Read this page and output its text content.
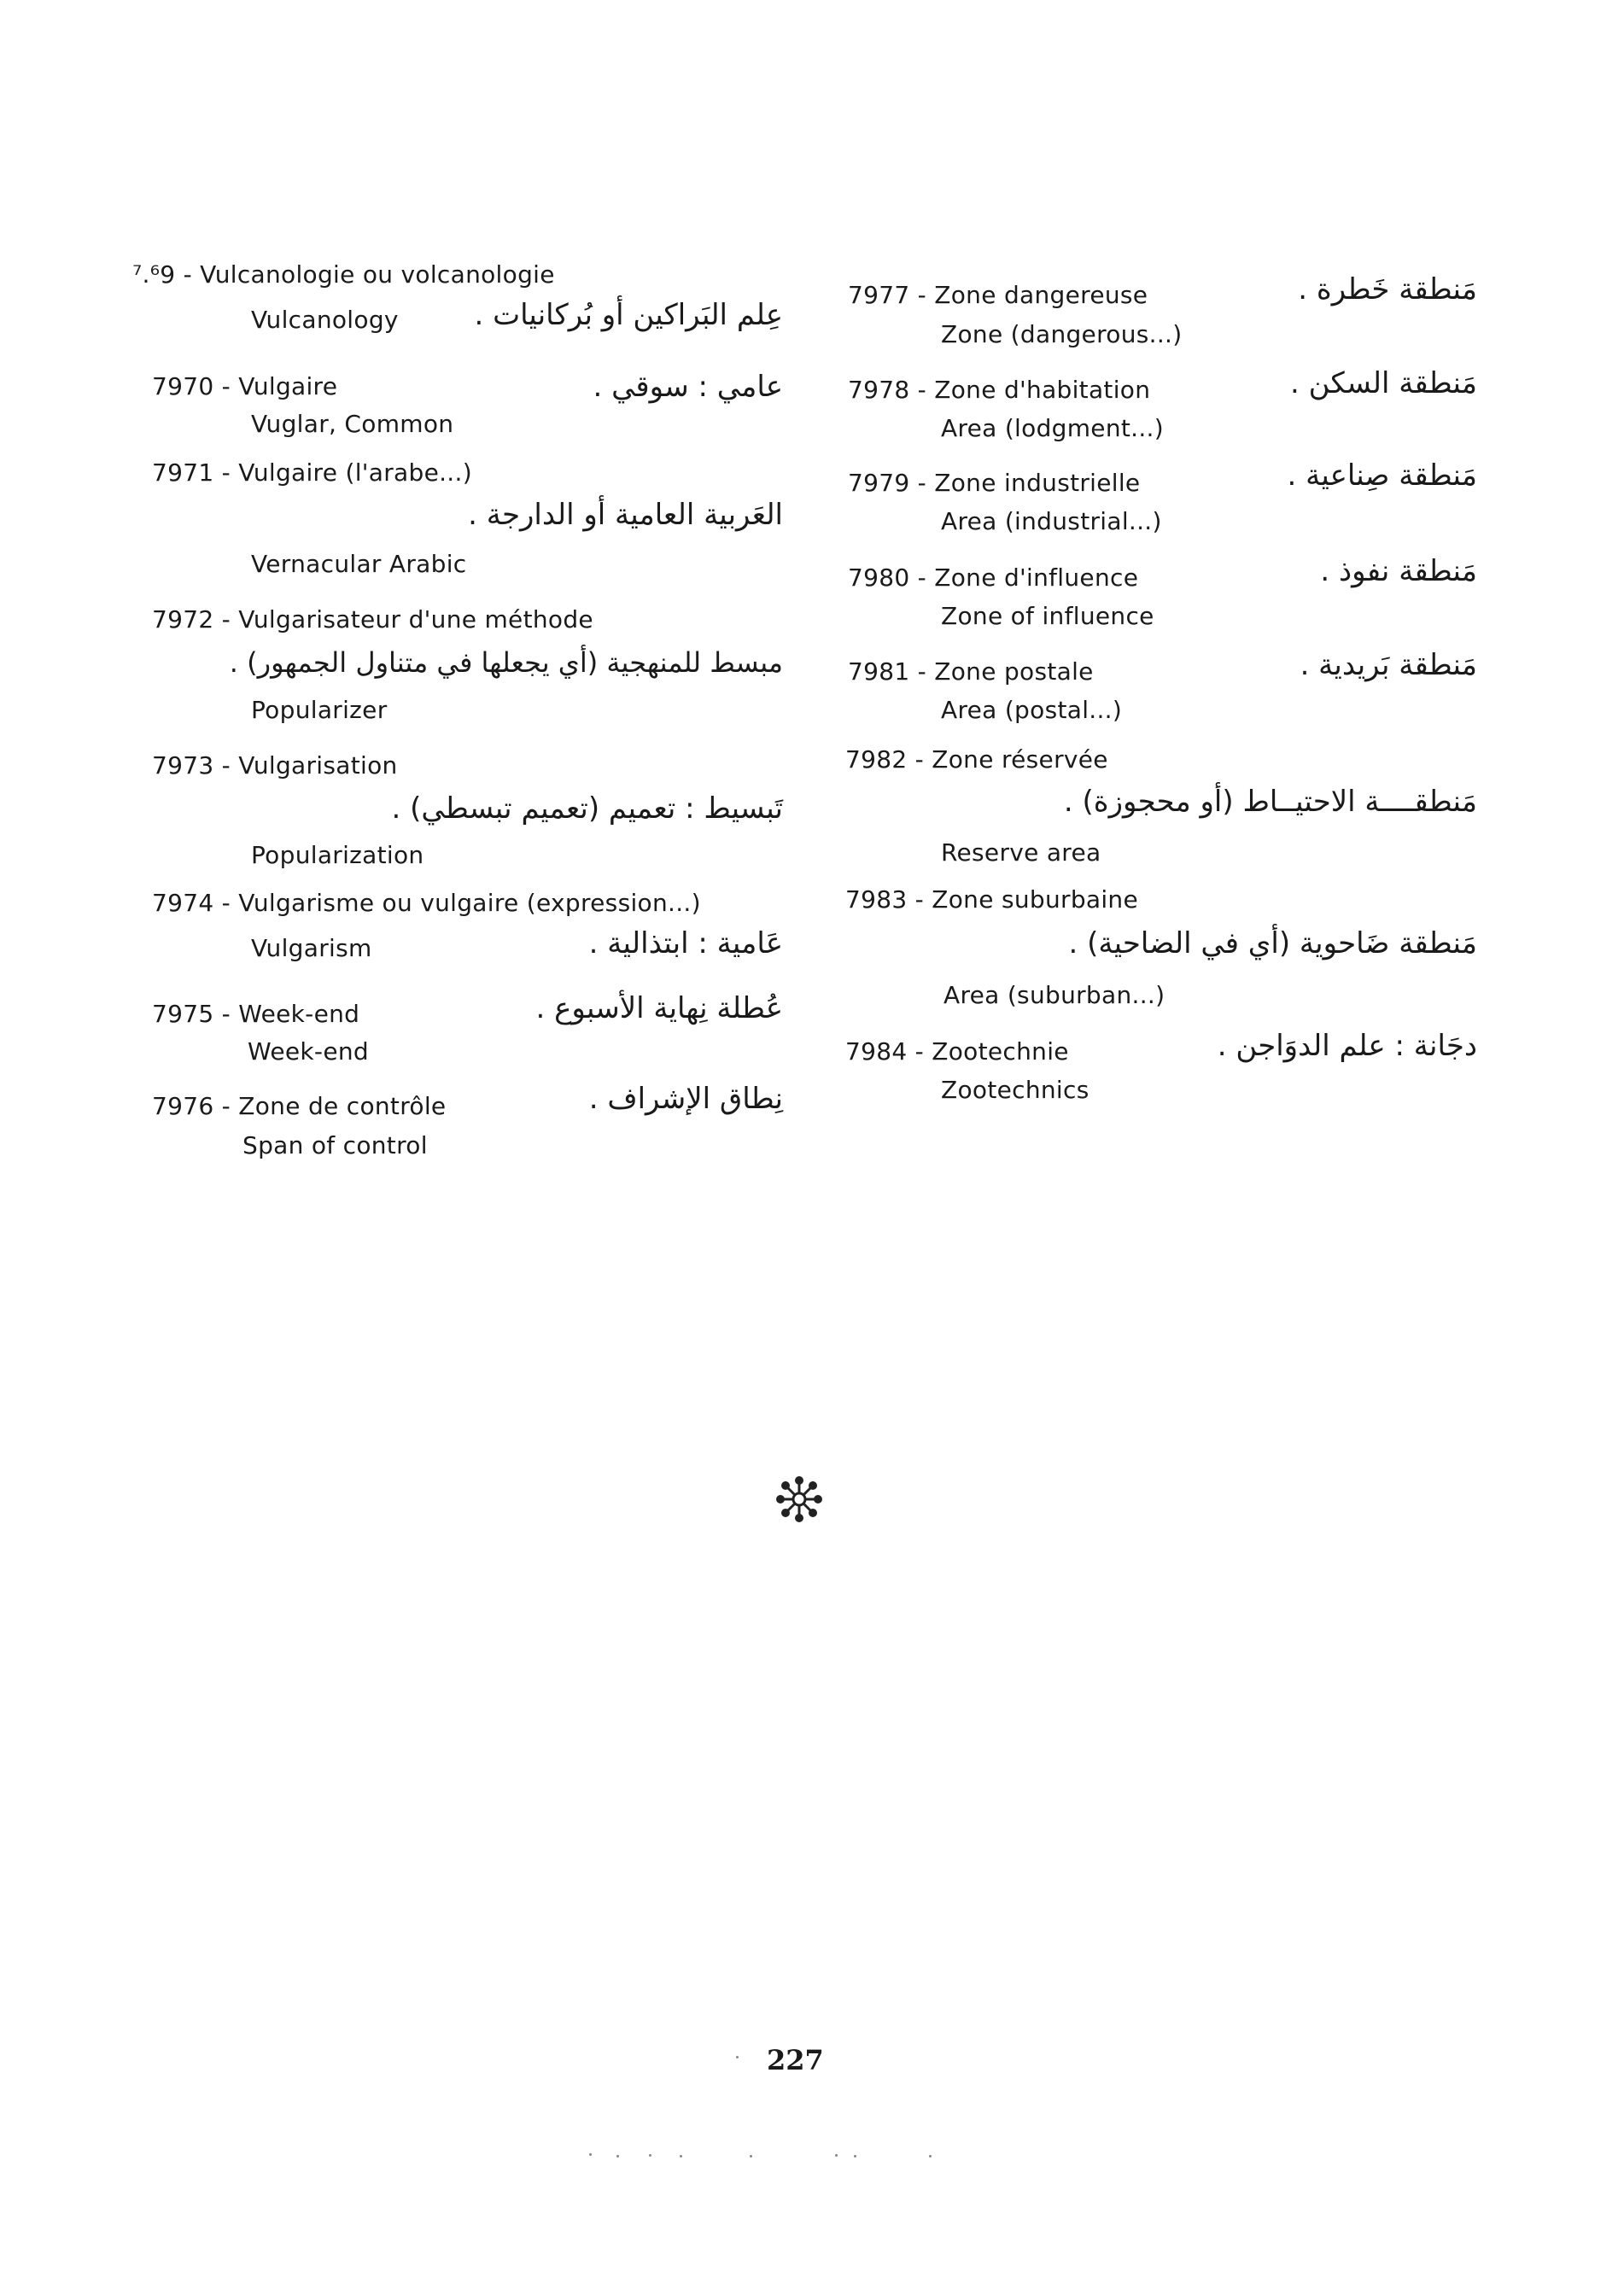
⁷.⁶9 - Vulcanologie ou volcanologie
Vulcanology	عِلم البَراكين أو بُركانيات .
7970 - Vulgaire
Vuglar, Common
عامي : سوقي .
7971 - Vulgaire (l'arabe...)
العَربية العامية أو الدارجة .
Vernacular Arabic
7972 - Vulgarisateur d'une méthode
مبسط للمنهجية (أي يجعلها في متناول الجمهور) .
Popularizer
7973 - Vulgarisation
تَبسيط : تعميم (تعميم تبسطي) .
Popularization
7974 - Vulgarisme ou vulgaire (expression...)
Vulgarism	عَامية : ابتذالية .
7975 - Week-end
Week-end
عُطلة نِهاية الأسبوع .
7976 - Zone de contrôle
Span of control
نِطاق الإشراف .
7977 - Zone dangereuse
Zone (dangerous...)
مَنطقة خَطرة .
7978 - Zone d'habitation
Area (lodgment...)
مَنطقة السكن .
7979 - Zone industrielle
Area (industrial...)
مَنطقة صِناعية .
7980 - Zone d'influence
Zone of influence
مَنطقة نفوذ .
7981 - Zone postale
Area (postal...)
مَنطقة بَريدية .
7982 - Zone réservée
مَنطقــــة الاحتيــاط (أو محجوزة) .
Reserve area
7983 - Zone suburbaine
مَنطقة ضَاحوية (أي في الضاحية) .
Area (suburban...)
7984 - Zootechnie
Zootechnics
دجَانة : علم الدوَاجن .
227
